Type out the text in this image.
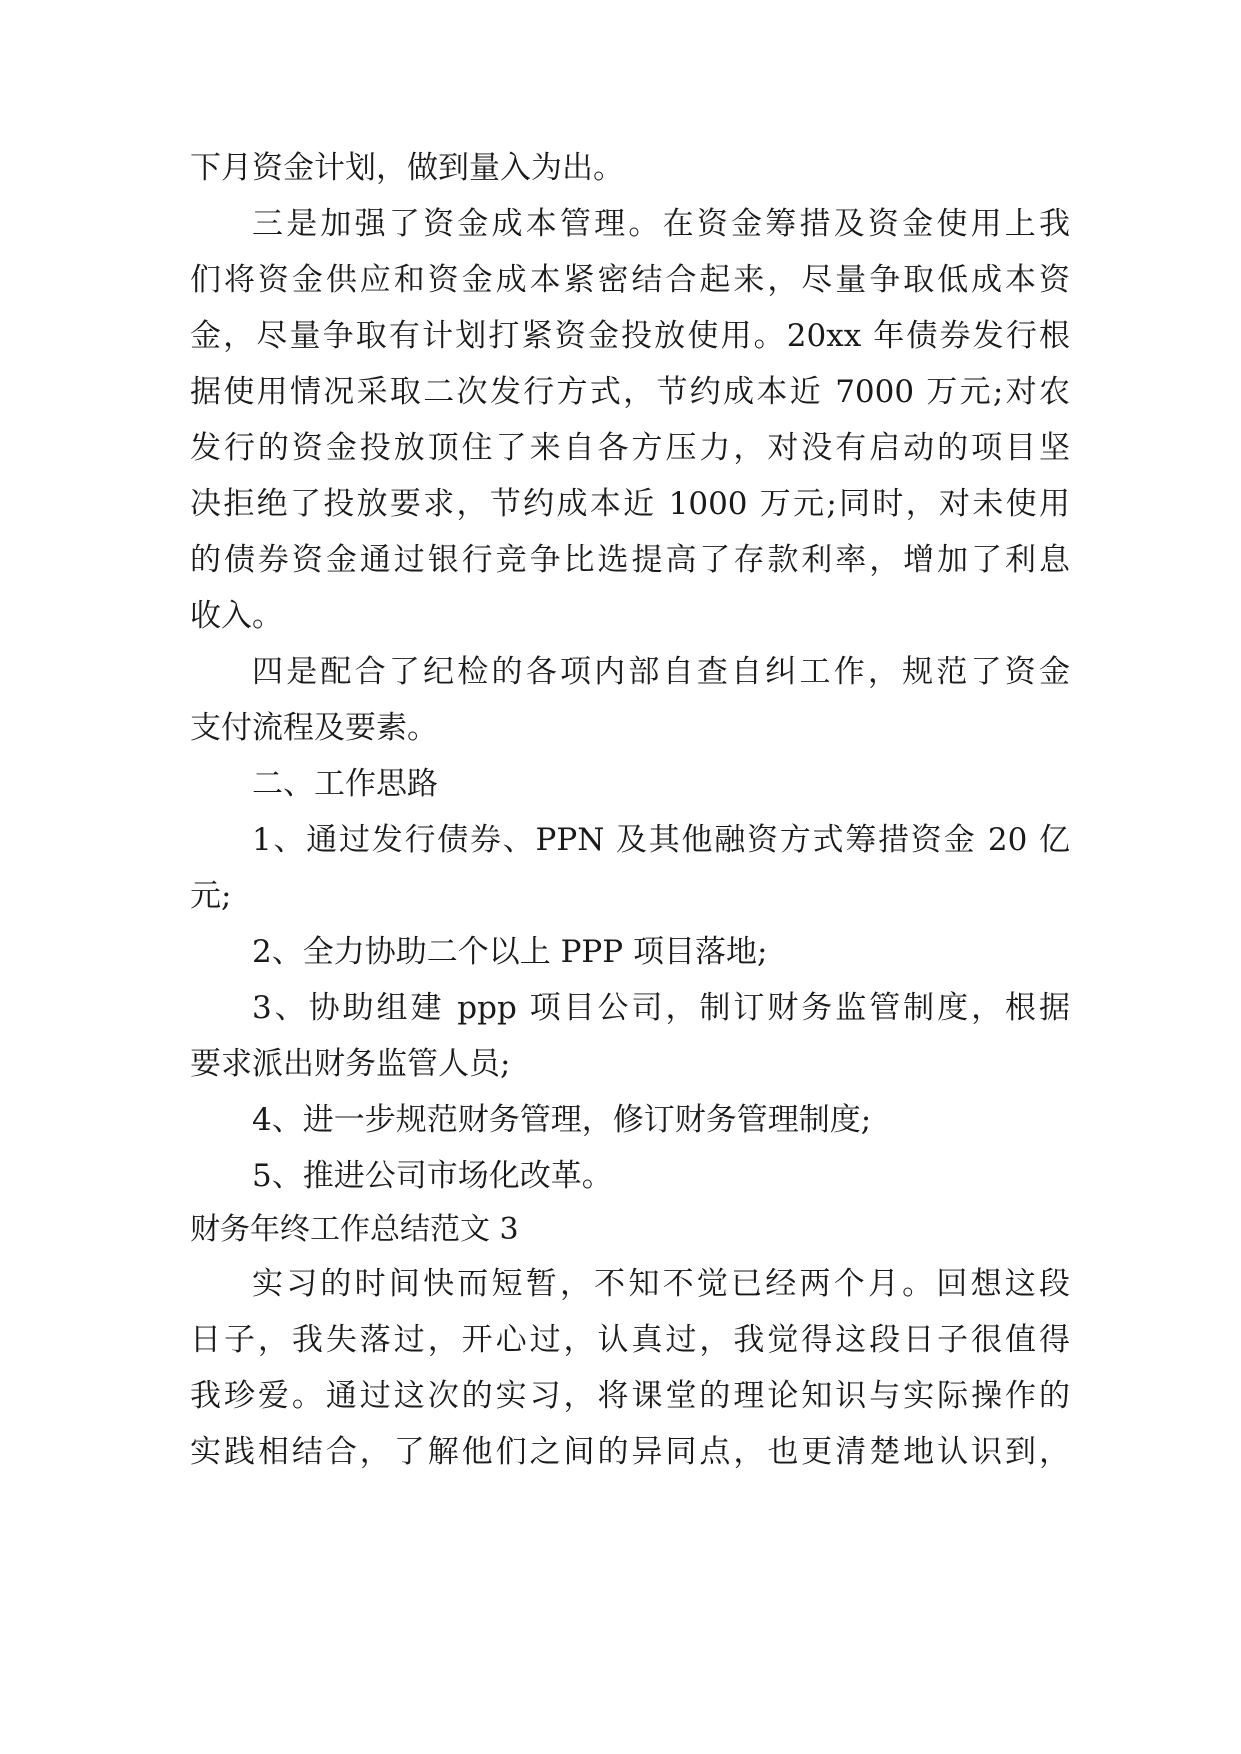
下月资金计划，做到量入为出。
三是加强了资金成本管理。在资金筹措及资金使用上我
们将资金供应和资金成本紧密结合起来，尽量争取低成本资
金，尽量争取有计划打紧资金投放使用。20xx 年债券发行根
据使用情况采取二次发行方式，节约成本近 7000 万元;对农
发行的资金投放顶住了来自各方压力，对没有启动的项目坚
决拒绝了投放要求，节约成本近 1000 万元;同时，对未使用
的债券资金通过银行竞争比选提高了存款利率，增加了利息
收入。
四是配合了纪检的各项内部自查自纠工作，规范了资金
支付流程及要素。
二、工作思路
1、通过发行债券、PPN 及其他融资方式筹措资金 20 亿
元;
2、全力协助二个以上 PPP 项目落地;
3、协助组建 ppp 项目公司，制订财务监管制度，根据
要求派出财务监管人员;
4、进一步规范财务管理，修订财务管理制度;
5、推进公司市场化改革。
财务年终工作总结范文 3
实习的时间快而短暂，不知不觉已经两个月。回想这段
日子，我失落过，开心过，认真过，我觉得这段日子很值得
我珍爱。通过这次的实习，将课堂的理论知识与实际操作的
实践相结合，了解他们之间的异同点，也更清楚地认识到，
